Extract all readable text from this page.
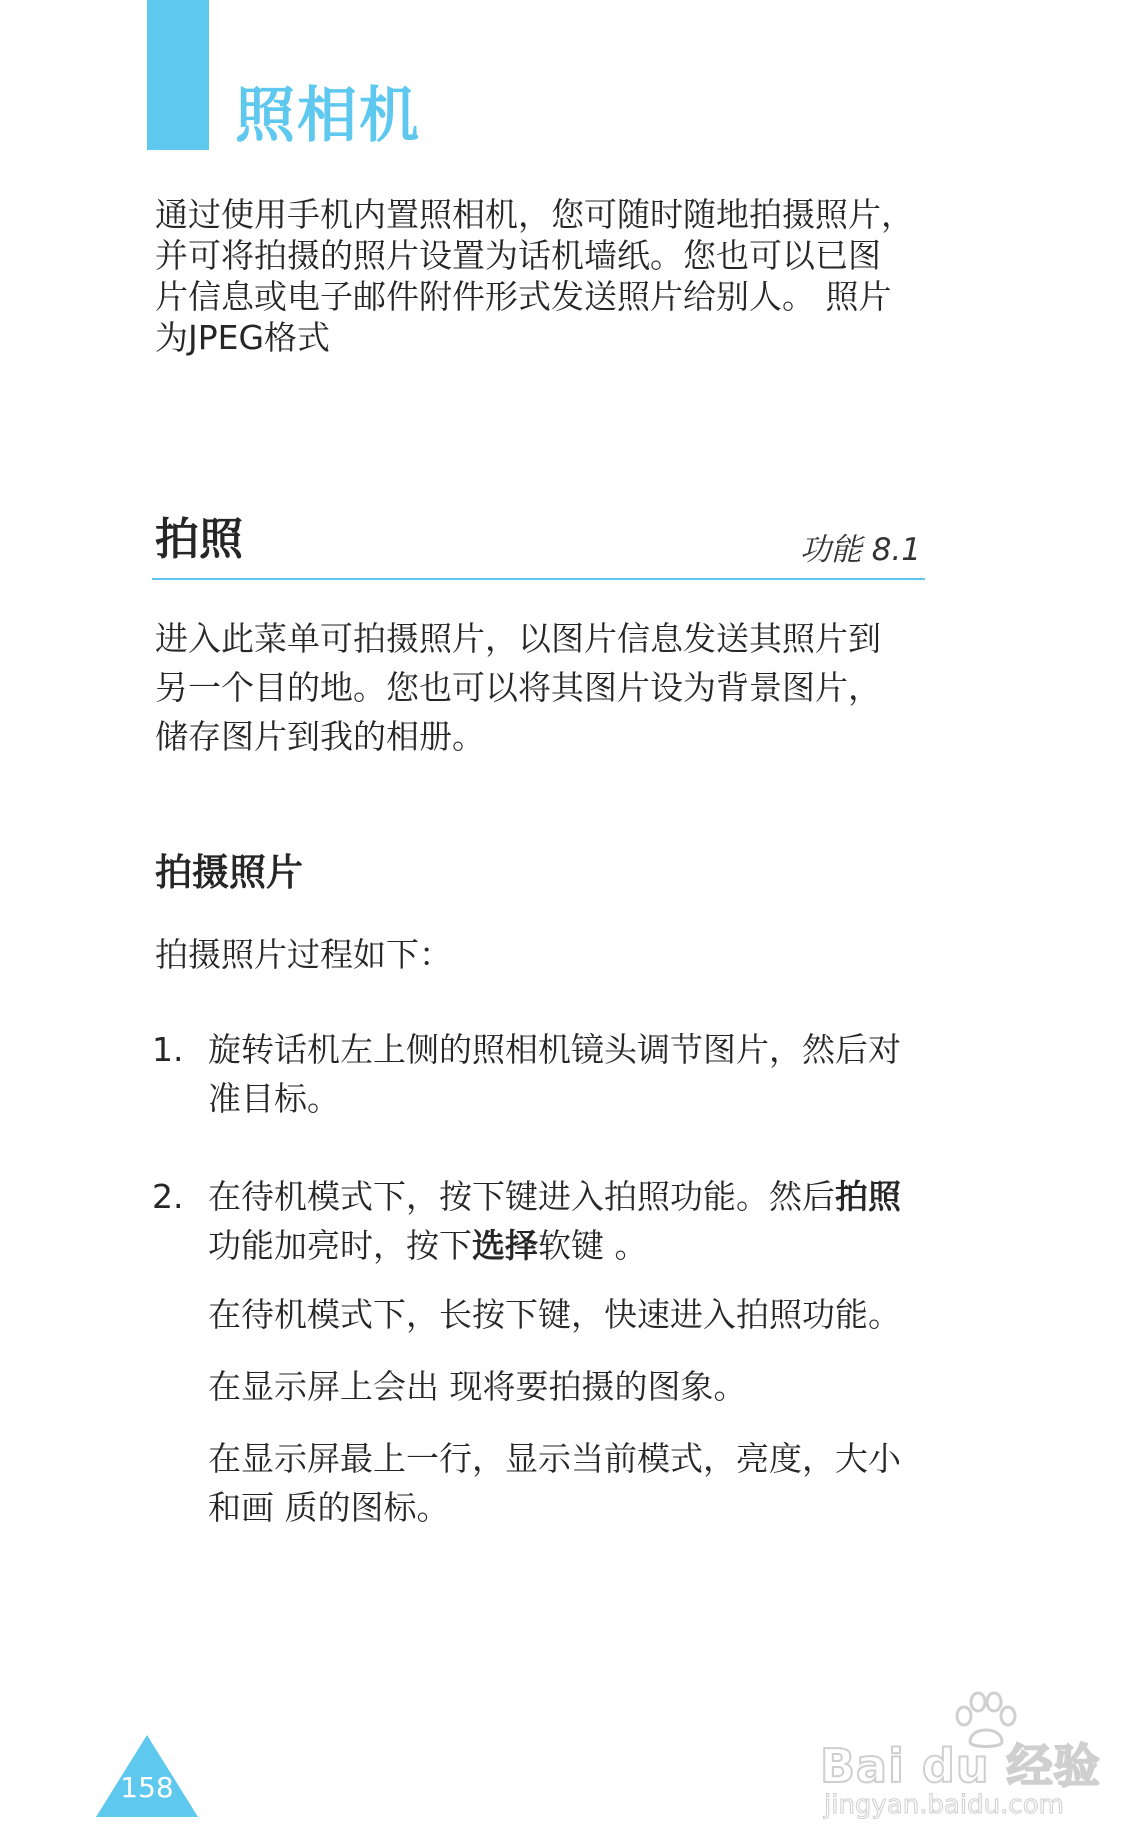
照相机

通过使用手机内置照相机，您可随时随地拍摄照片，

并可将拍摄的照片设置为话机墙纸。您也可以已图

片信息或电子邮件附件形式发送照片给别人。 照片

为JPEG格式

拍照	功能 8.1

进入此菜单可拍摄照片，以图片信息发送其照片到

另一个目的地。您也可以将其图片设为背景图片，

储存图片到我的相册。

拍摄照片

拍摄照片过程如下：

1. 旋转话机左上侧的照相机镜头调节图片，然后对

准目标。

2. 在待机模式下，按下键进入拍照功能。然后拍照

功能加亮时，按下选择软键 。

在待机模式下，长按下键，快速进入拍照功能。

在显示屏上会出 现将要拍摄的图象。

在显示屏最上一行，显示当前模式，亮度，大小

和画 质的图标。

158	Bai du 经验
jingyan.baidu.com
